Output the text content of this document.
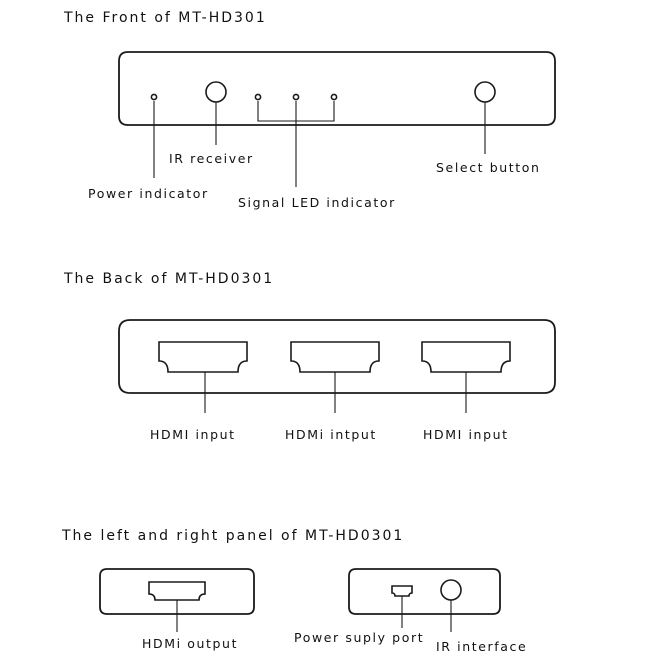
The Front of MT-HD301
IR receiver
Power indicator
Signal LED indicator
Select button
The Back of MT-HD0301
HDMI input	HDMi intput	HDMI input
The left and right panel of MT-HD0301
HDMi output	Power suply port
IR interface
